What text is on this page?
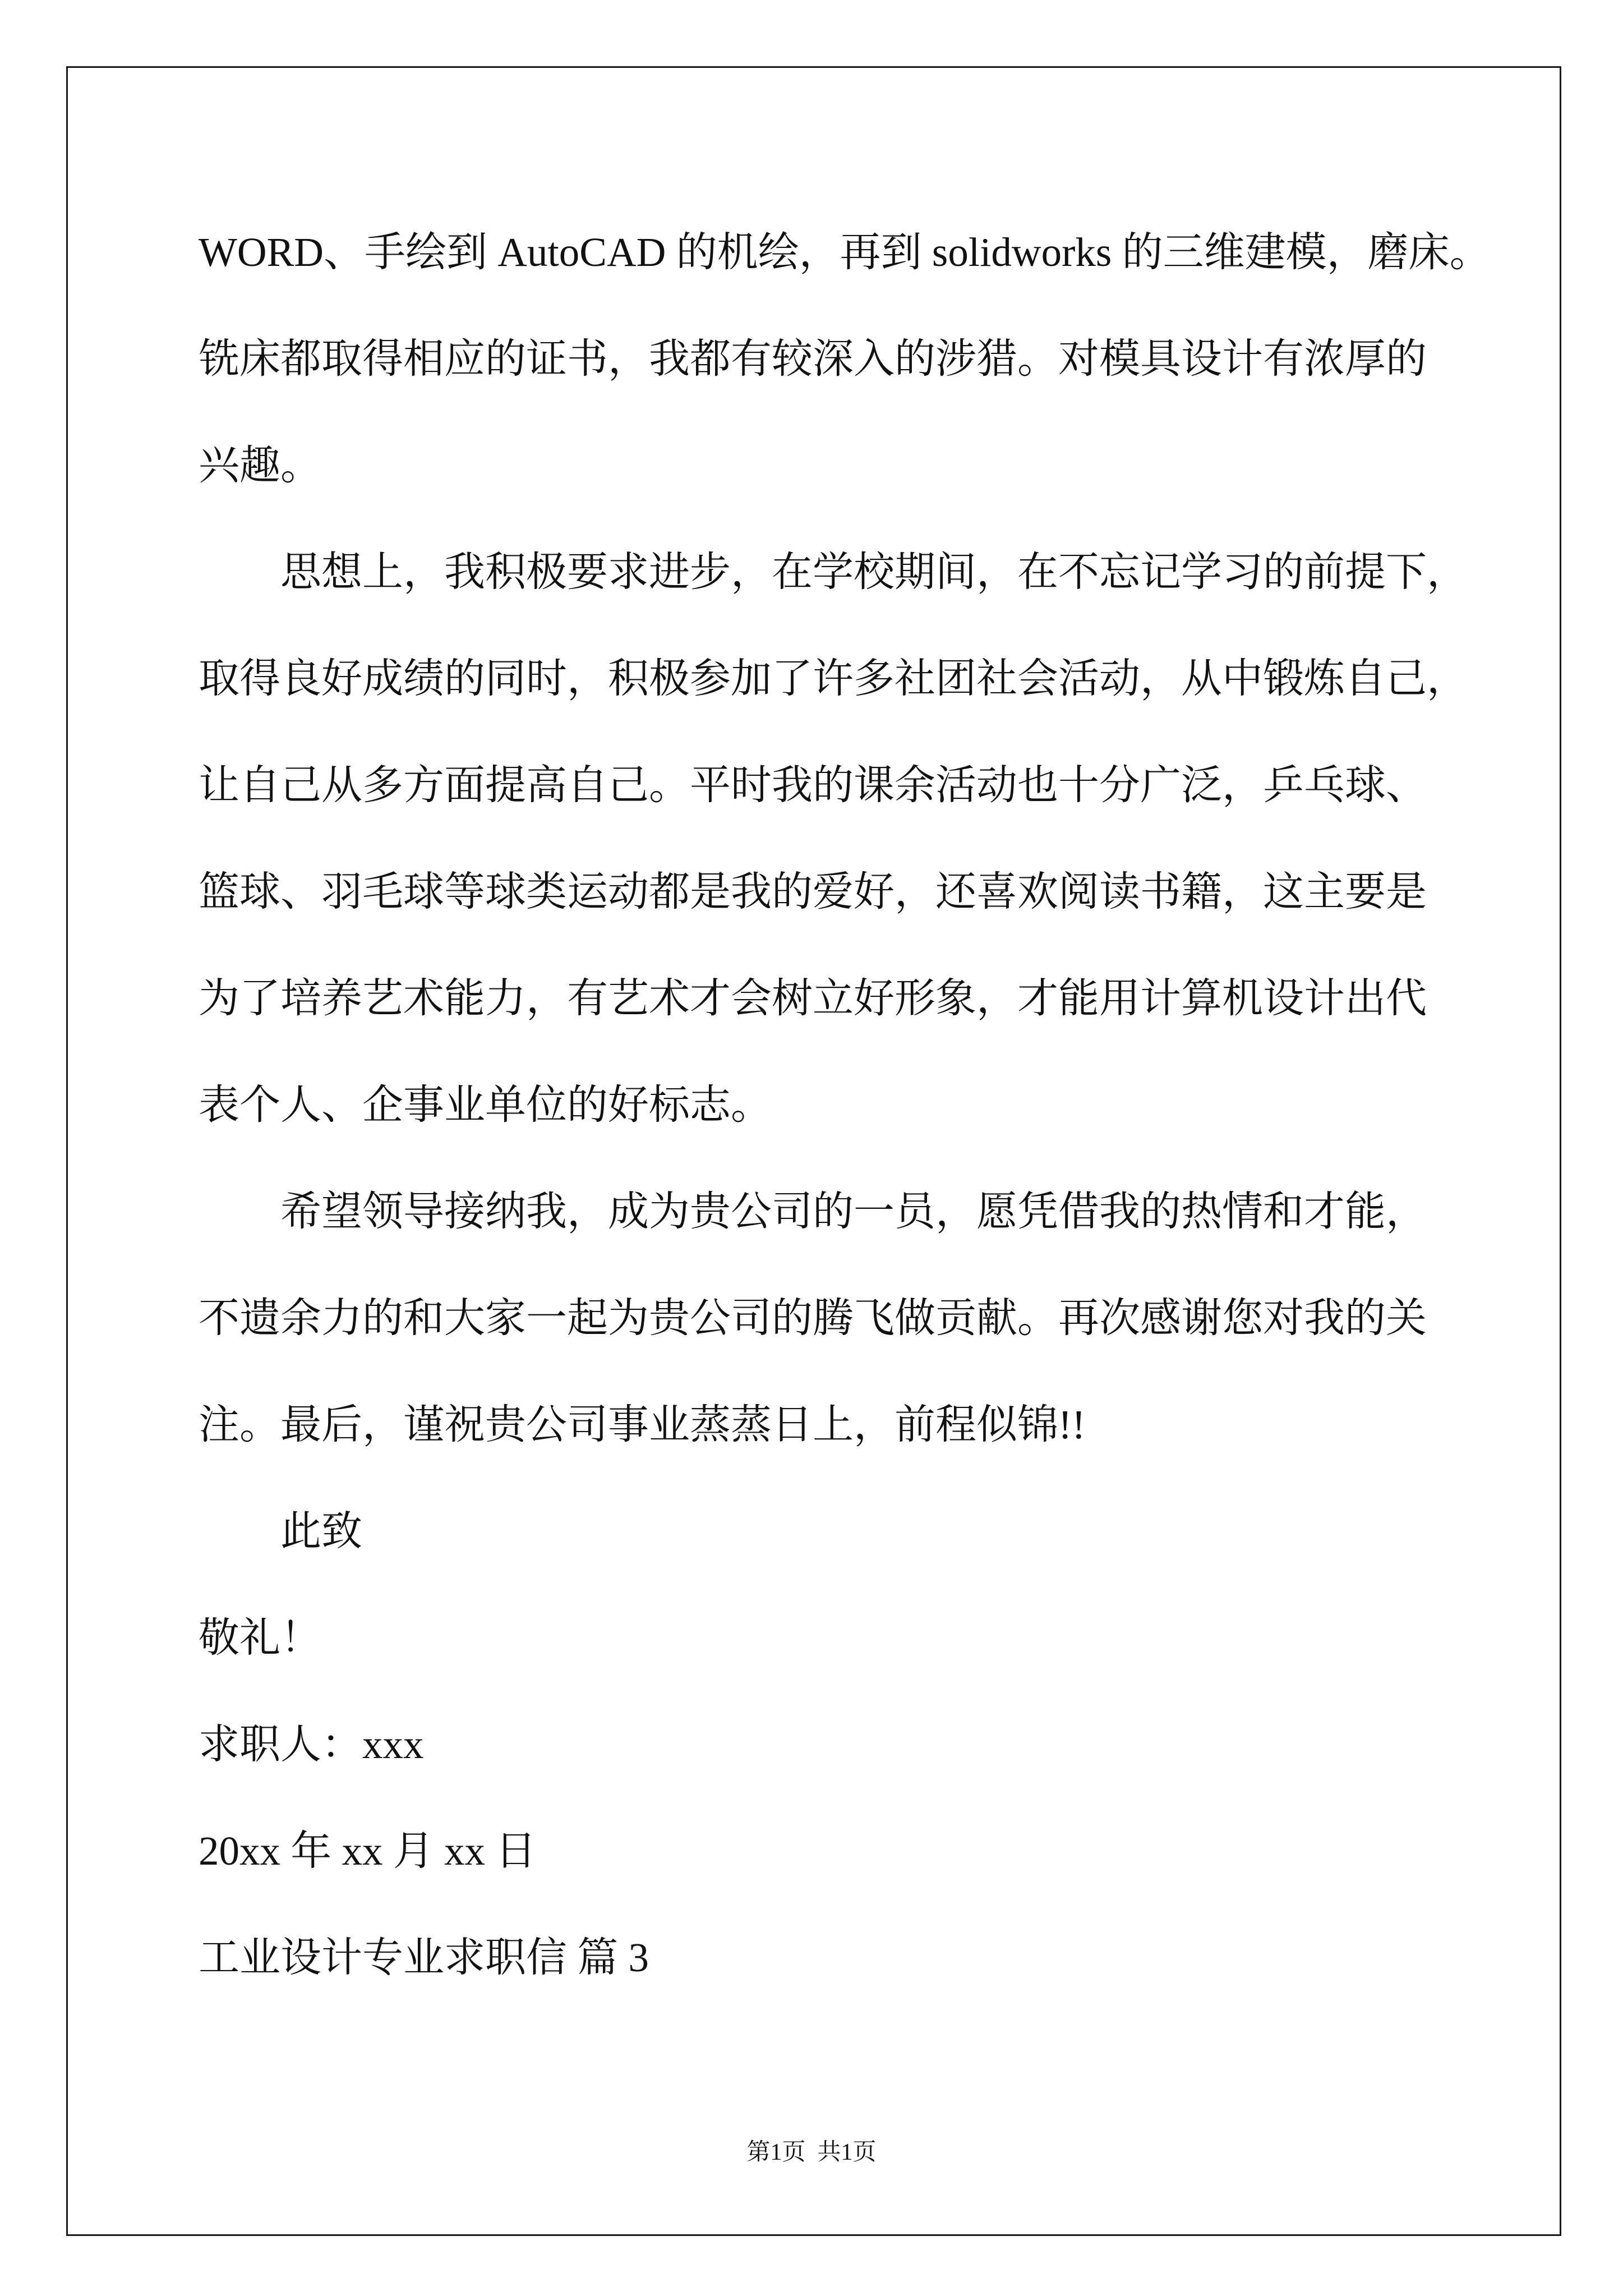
WORD、手绘到 AutoCAD 的机绘，再到 solidworks 的三维建模，磨床。
铣床都取得相应的证书，我都有较深入的涉猎。对模具设计有浓厚的
兴趣。
思想上，我积极要求进步，在学校期间，在不忘记学习的前提下，
取得良好成绩的同时，积极参加了许多社团社会活动，从中锻炼自己，
让自己从多方面提高自己。平时我的课余活动也十分广泛，乒乓球、
篮球、羽毛球等球类运动都是我的爱好，还喜欢阅读书籍，这主要是
为了培养艺术能力，有艺术才会树立好形象，才能用计算机设计出代
表个人、企事业单位的好标志。
希望领导接纳我，成为贵公司的一员，愿凭借我的热情和才能，
不遗余力的和大家一起为贵公司的腾飞做贡献。再次感谢您对我的关
注。最后，谨祝贵公司事业蒸蒸日上，前程似锦!!
此致
敬礼！
求职人：xxx
20xx 年 xx 月 xx 日
工业设计专业求职信 篇 3
第1页  共1页
